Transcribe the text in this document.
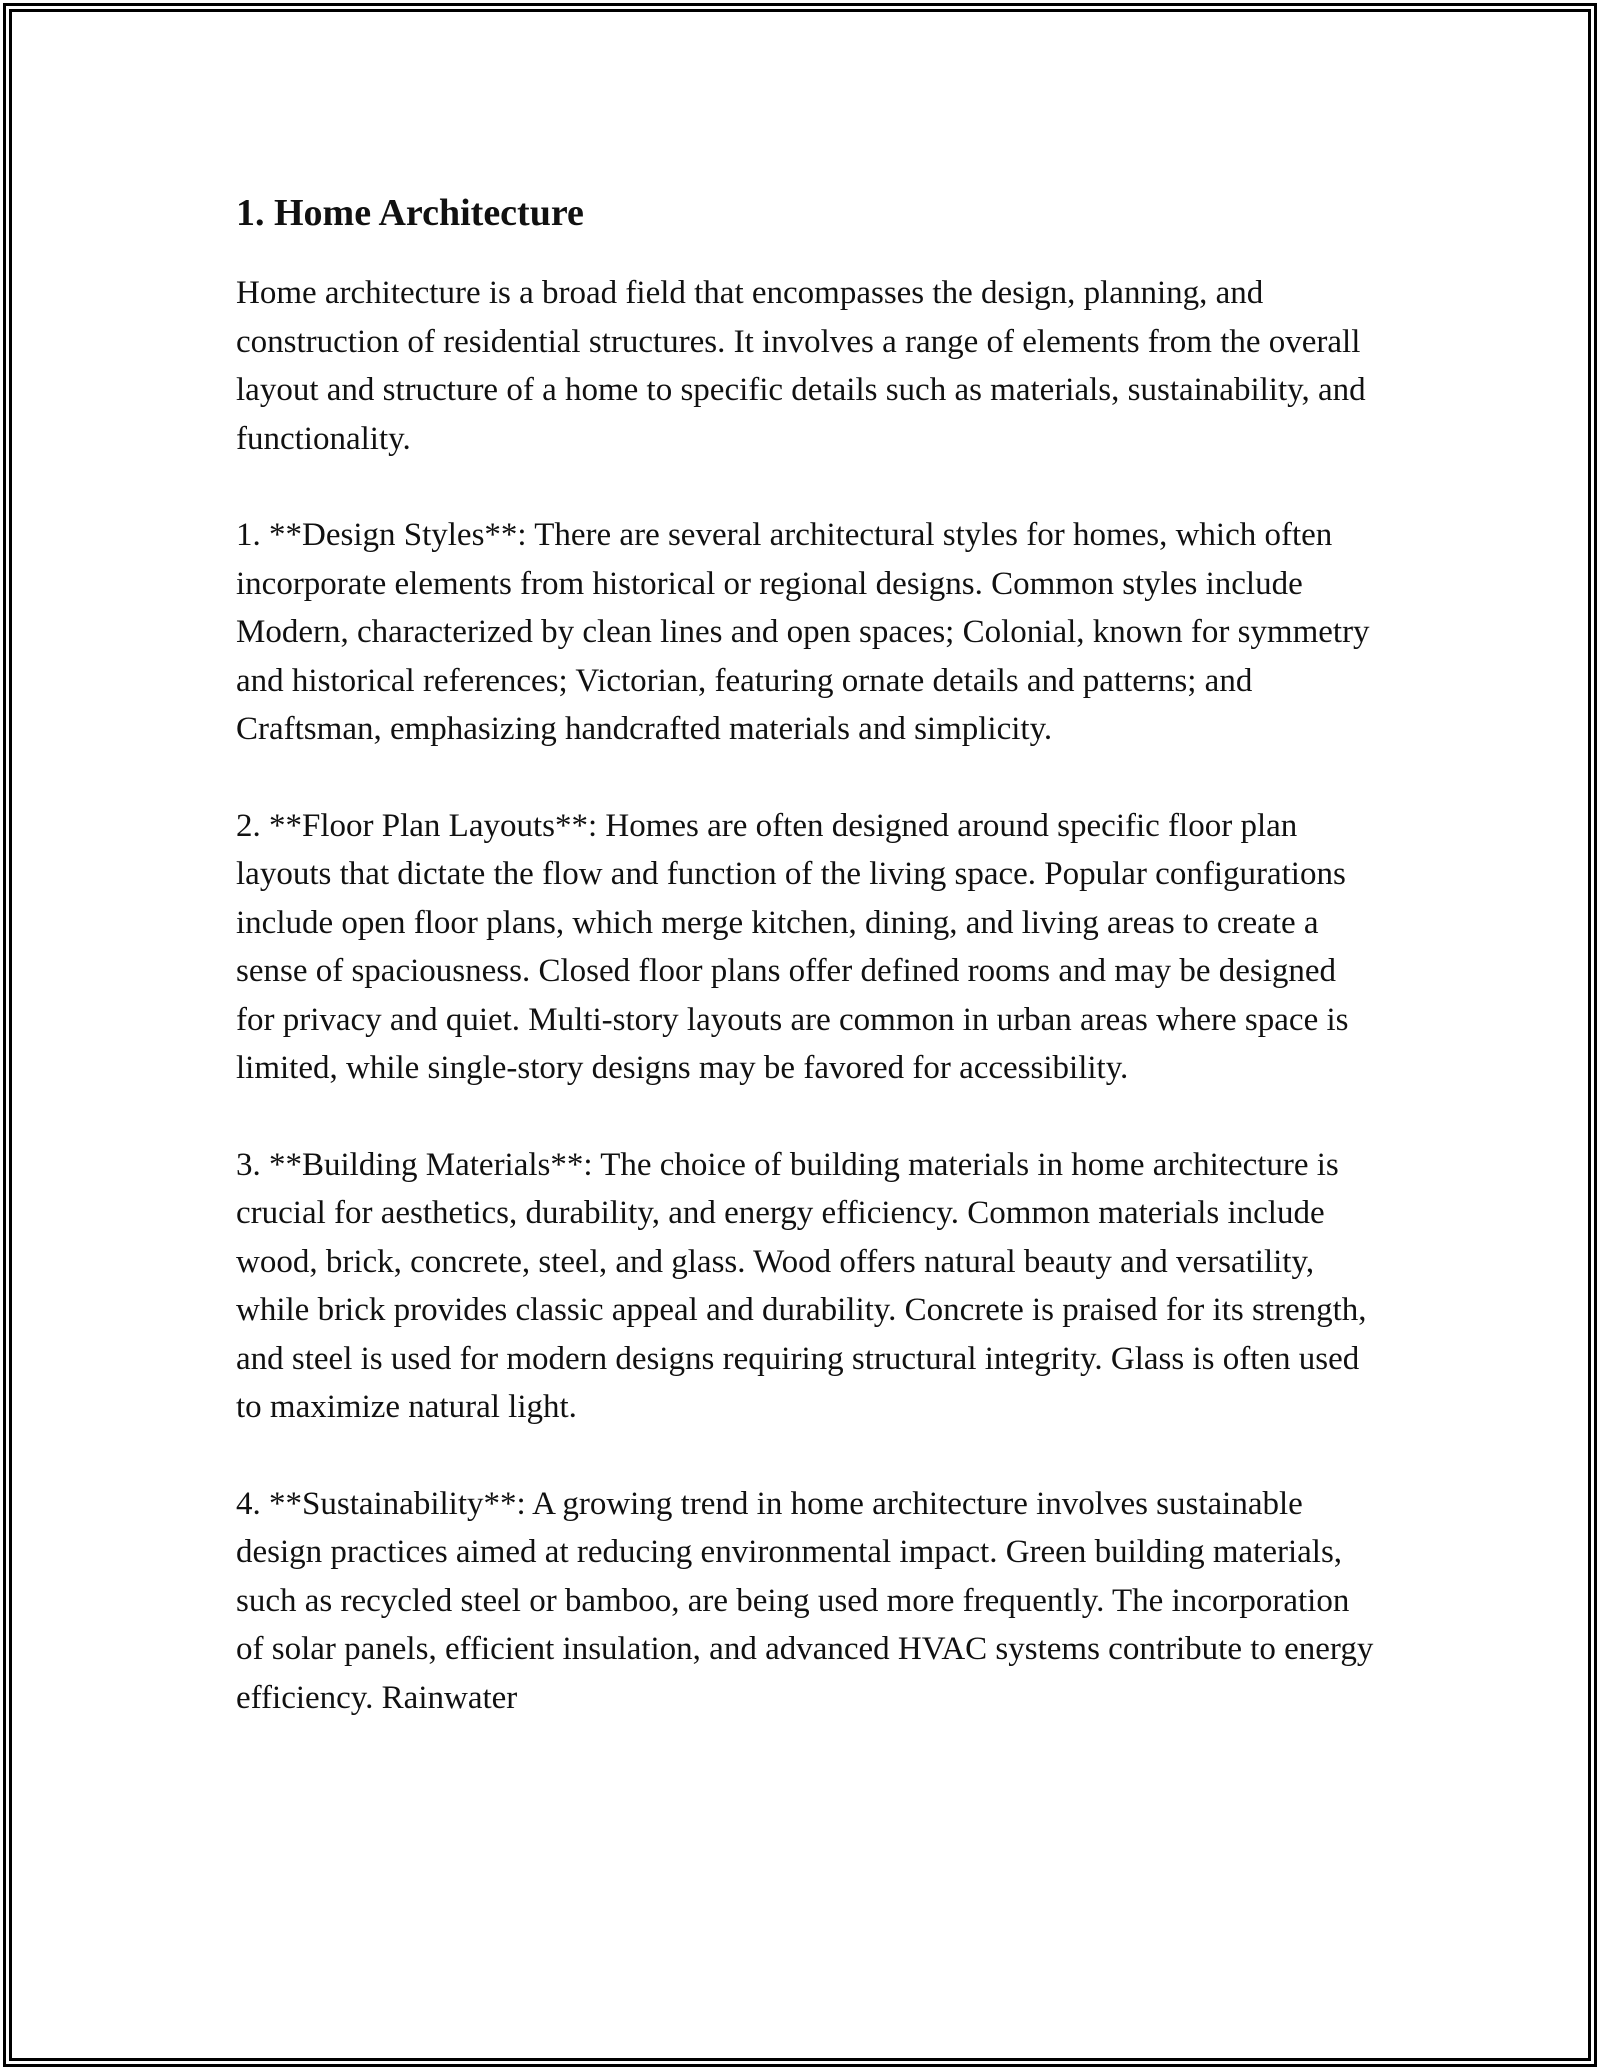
1. Home Architecture

Home architecture is a broad field that encompasses the design, planning, and construction of residential structures. It involves a range of elements from the overall layout and structure of a home to specific details such as materials, sustainability, and functionality.

1. **Design Styles**: There are several architectural styles for homes, which often incorporate elements from historical or regional designs. Common styles include Modern, characterized by clean lines and open spaces; Colonial, known for symmetry and historical references; Victorian, featuring ornate details and patterns; and Craftsman, emphasizing handcrafted materials and simplicity.

2. **Floor Plan Layouts**: Homes are often designed around specific floor plan layouts that dictate the flow and function of the living space. Popular configurations include open floor plans, which merge kitchen, dining, and living areas to create a sense of spaciousness. Closed floor plans offer defined rooms and may be designed for privacy and quiet. Multi-story layouts are common in urban areas where space is limited, while single-story designs may be favored for accessibility.

3. **Building Materials**: The choice of building materials in home architecture is crucial for aesthetics, durability, and energy efficiency. Common materials include wood, brick, concrete, steel, and glass. Wood offers natural beauty and versatility, while brick provides classic appeal and durability. Concrete is praised for its strength, and steel is used for modern designs requiring structural integrity. Glass is often used to maximize natural light.

4. **Sustainability**: A growing trend in home architecture involves sustainable design practices aimed at reducing environmental impact. Green building materials, such as recycled steel or bamboo, are being used more frequently. The incorporation of solar panels, efficient insulation, and advanced HVAC systems contribute to energy efficiency. Rainwater
